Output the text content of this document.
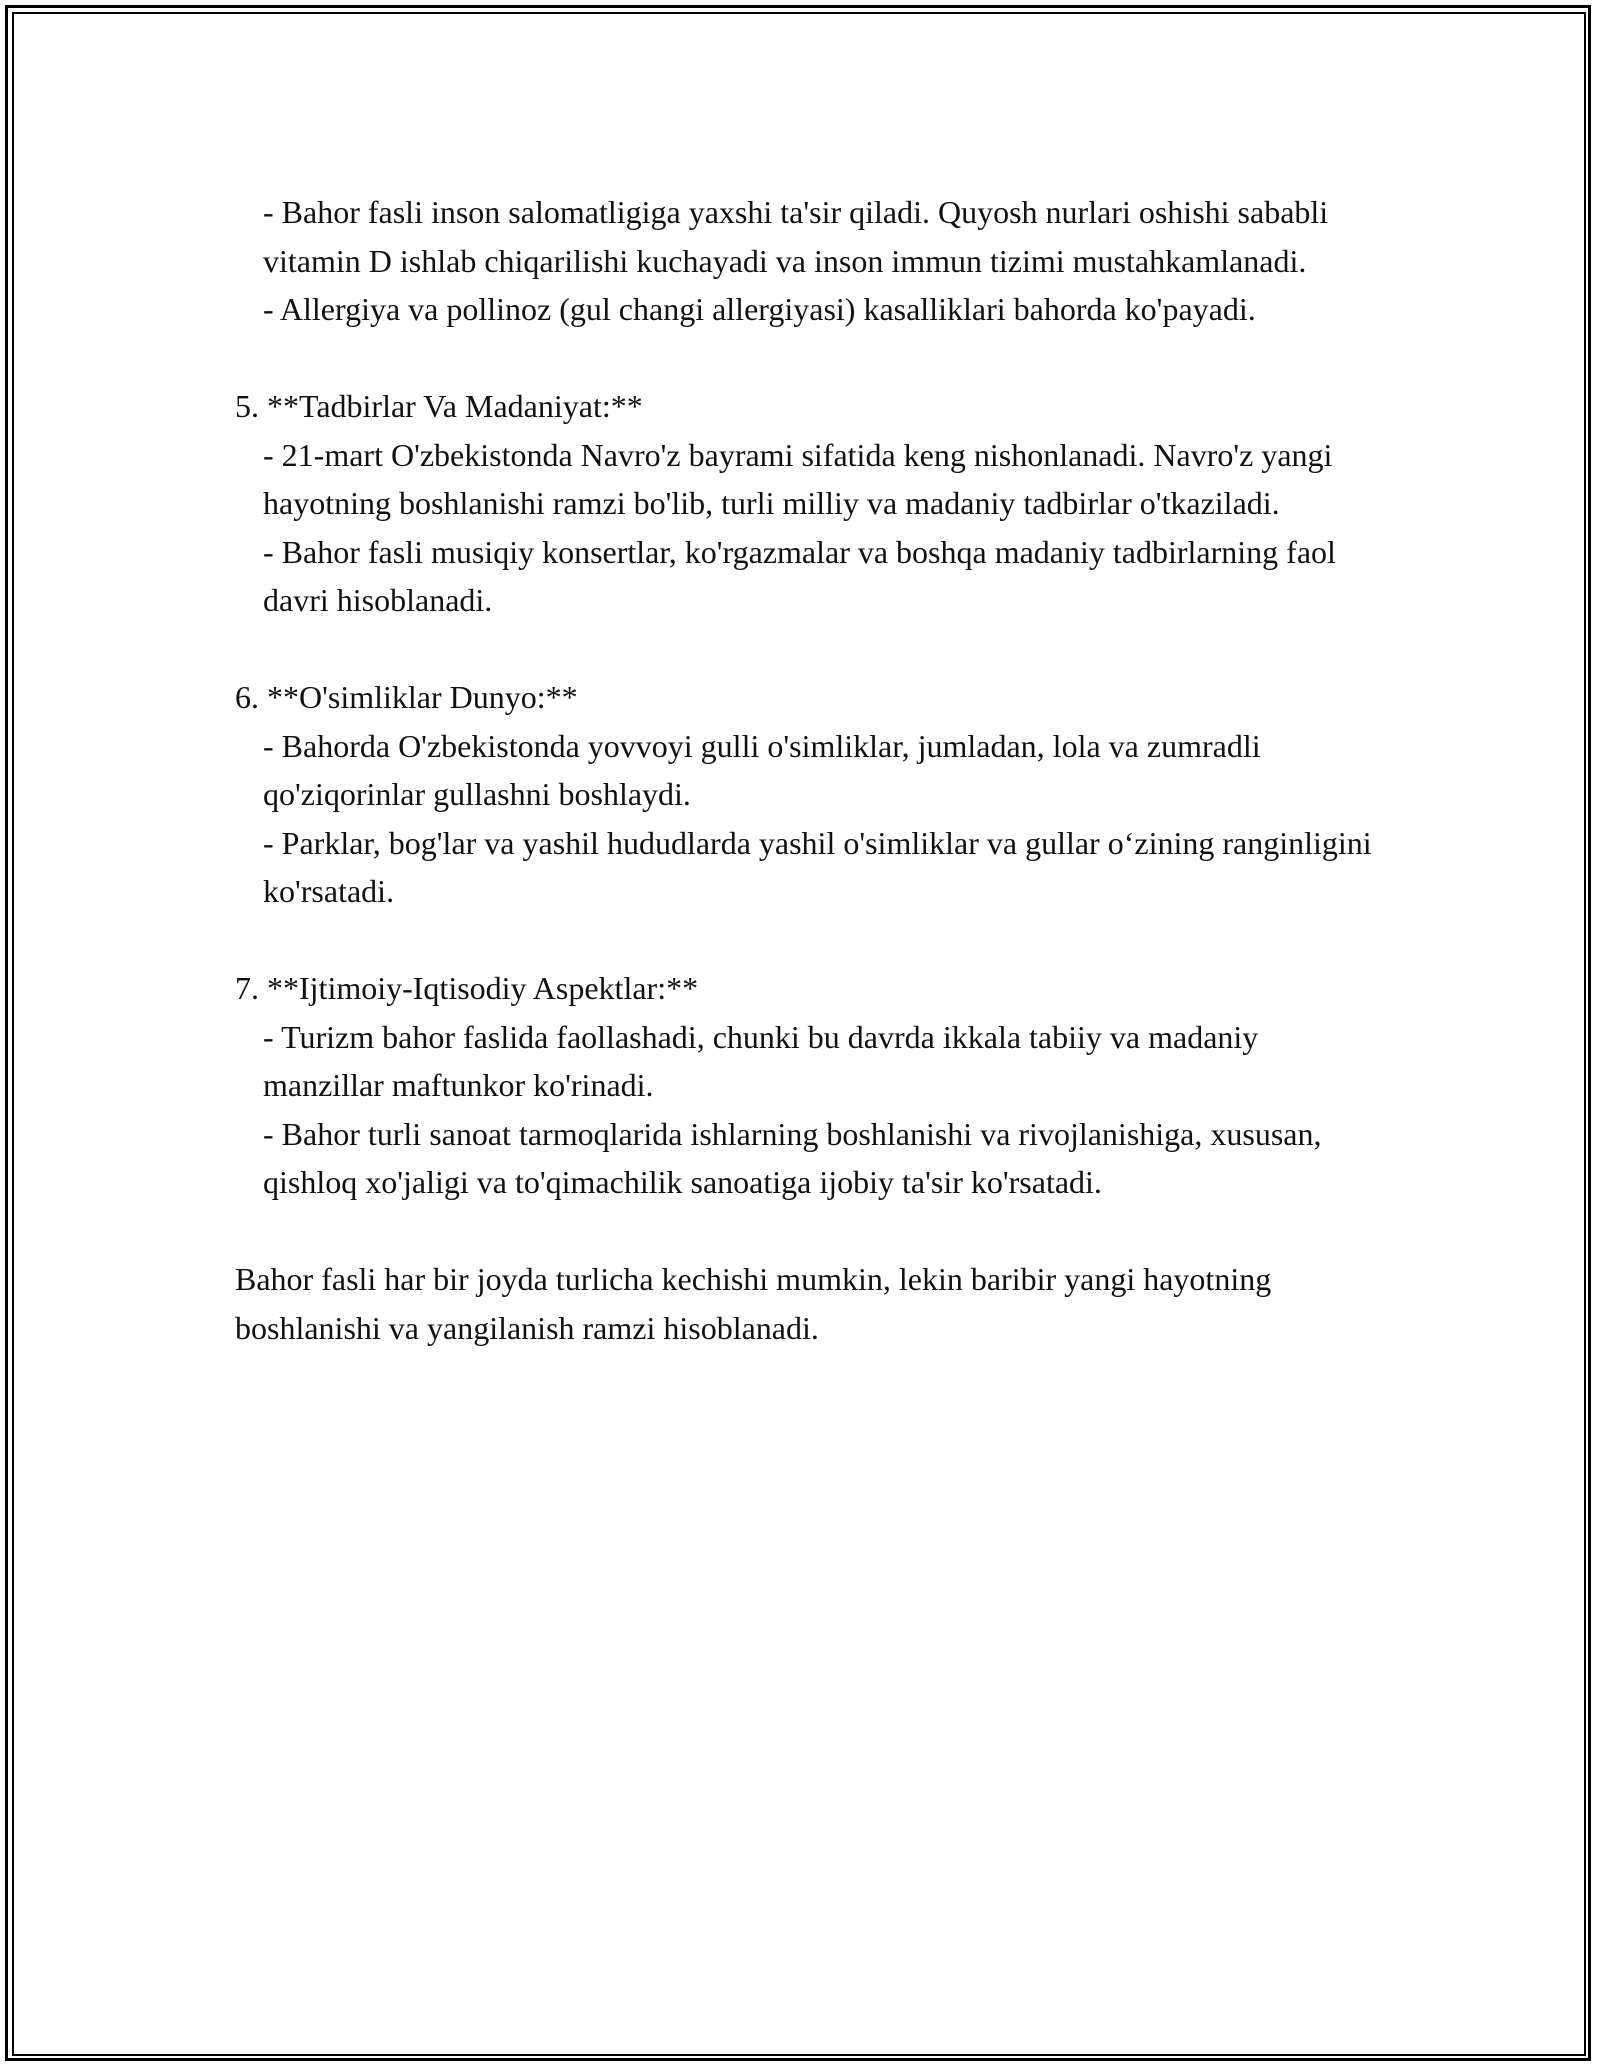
- Bahor fasli inson salomatligiga yaxshi ta'sir qiladi. Quyosh nurlari oshishi sababli vitamin D ishlab chiqarilishi kuchayadi va inson immun tizimi mustahkamlanadi.

- Allergiya va pollinoz (gul changi allergiyasi) kasalliklari bahorda ko'payadi.

5. **Tadbirlar Va Madaniyat:**

- 21-mart O'zbekistonda Navro'z bayrami sifatida keng nishonlanadi. Navro'z yangi hayotning boshlanishi ramzi bo'lib, turli milliy va madaniy tadbirlar o'tkaziladi.

- Bahor fasli musiqiy konsertlar, ko'rgazmalar va boshqa madaniy tadbirlarning faol davri hisoblanadi.

6. **O'simliklar Dunyo:**

- Bahorda O'zbekistonda yovvoyi gulli o'simliklar, jumladan, lola va zumradli qo'ziqorinlar gullashni boshlaydi.

- Parklar, bog'lar va yashil hududlarda yashil o'simliklar va gullar o‘zining ranginligini ko'rsatadi.

7. **Ijtimoiy-Iqtisodiy Aspektlar:**

- Turizm bahor faslida faollashadi, chunki bu davrda ikkala tabiiy va madaniy manzillar maftunkor ko'rinadi.

- Bahor turli sanoat tarmoqlarida ishlarning boshlanishi va rivojlanishiga, xususan, qishloq xo'jaligi va to'qimachilik sanoatiga ijobiy ta'sir ko'rsatadi.

Bahor fasli har bir joyda turlicha kechishi mumkin, lekin baribir yangi hayotning boshlanishi va yangilanish ramzi hisoblanadi.
